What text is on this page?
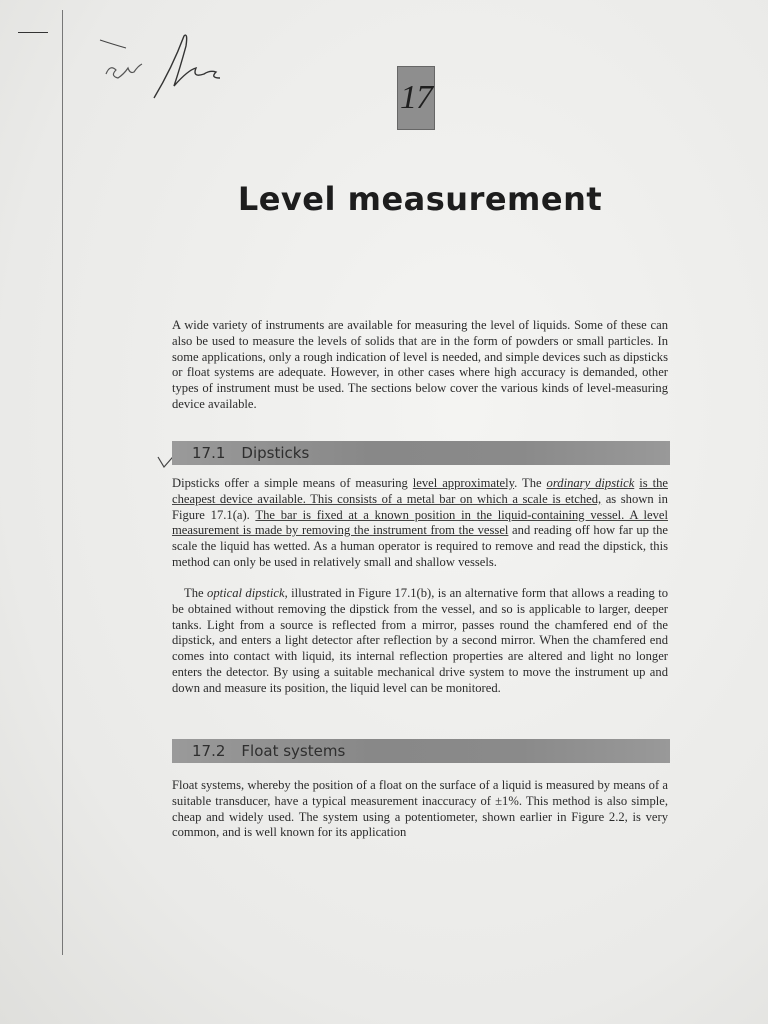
17
Level measurement

A wide variety of instruments are available for measuring the level of liquids. Some of these can also be used to measure the levels of solids that are in the form of powders or small particles. In some applications, only a rough indication of level is needed, and simple devices such as dipsticks or float systems are adequate. However, in other cases where high accuracy is demanded, other types of instrument must be used. The sections below cover the various kinds of level-measuring device available.

17.1 Dipsticks

Dipsticks offer a simple means of measuring level approximately. The ordinary dipstick is the cheapest device available. This consists of a metal bar on which a scale is etched, as shown in Figure 17.1(a). The bar is fixed at a known position in the liquid-containing vessel. A level measurement is made by removing the instrument from the vessel and reading off how far up the scale the liquid has wetted. As a human operator is required to remove and read the dipstick, this method can only be used in relatively small and shallow vessels.

The optical dipstick, illustrated in Figure 17.1(b), is an alternative form that allows a reading to be obtained without removing the dipstick from the vessel, and so is applicable to larger, deeper tanks. Light from a source is reflected from a mirror, passes round the chamfered end of the dipstick, and enters a light detector after reflection by a second mirror. When the chamfered end comes into contact with liquid, its internal reflection properties are altered and light no longer enters the detector. By using a suitable mechanical drive system to move the instrument up and down and measure its position, the liquid level can be monitored.

17.2 Float systems

Float systems, whereby the position of a float on the surface of a liquid is measured by means of a suitable transducer, have a typical measurement inaccuracy of ±1%. This method is also simple, cheap and widely used. The system using a potentiometer, shown earlier in Figure 2.2, is very common, and is well known for its application
